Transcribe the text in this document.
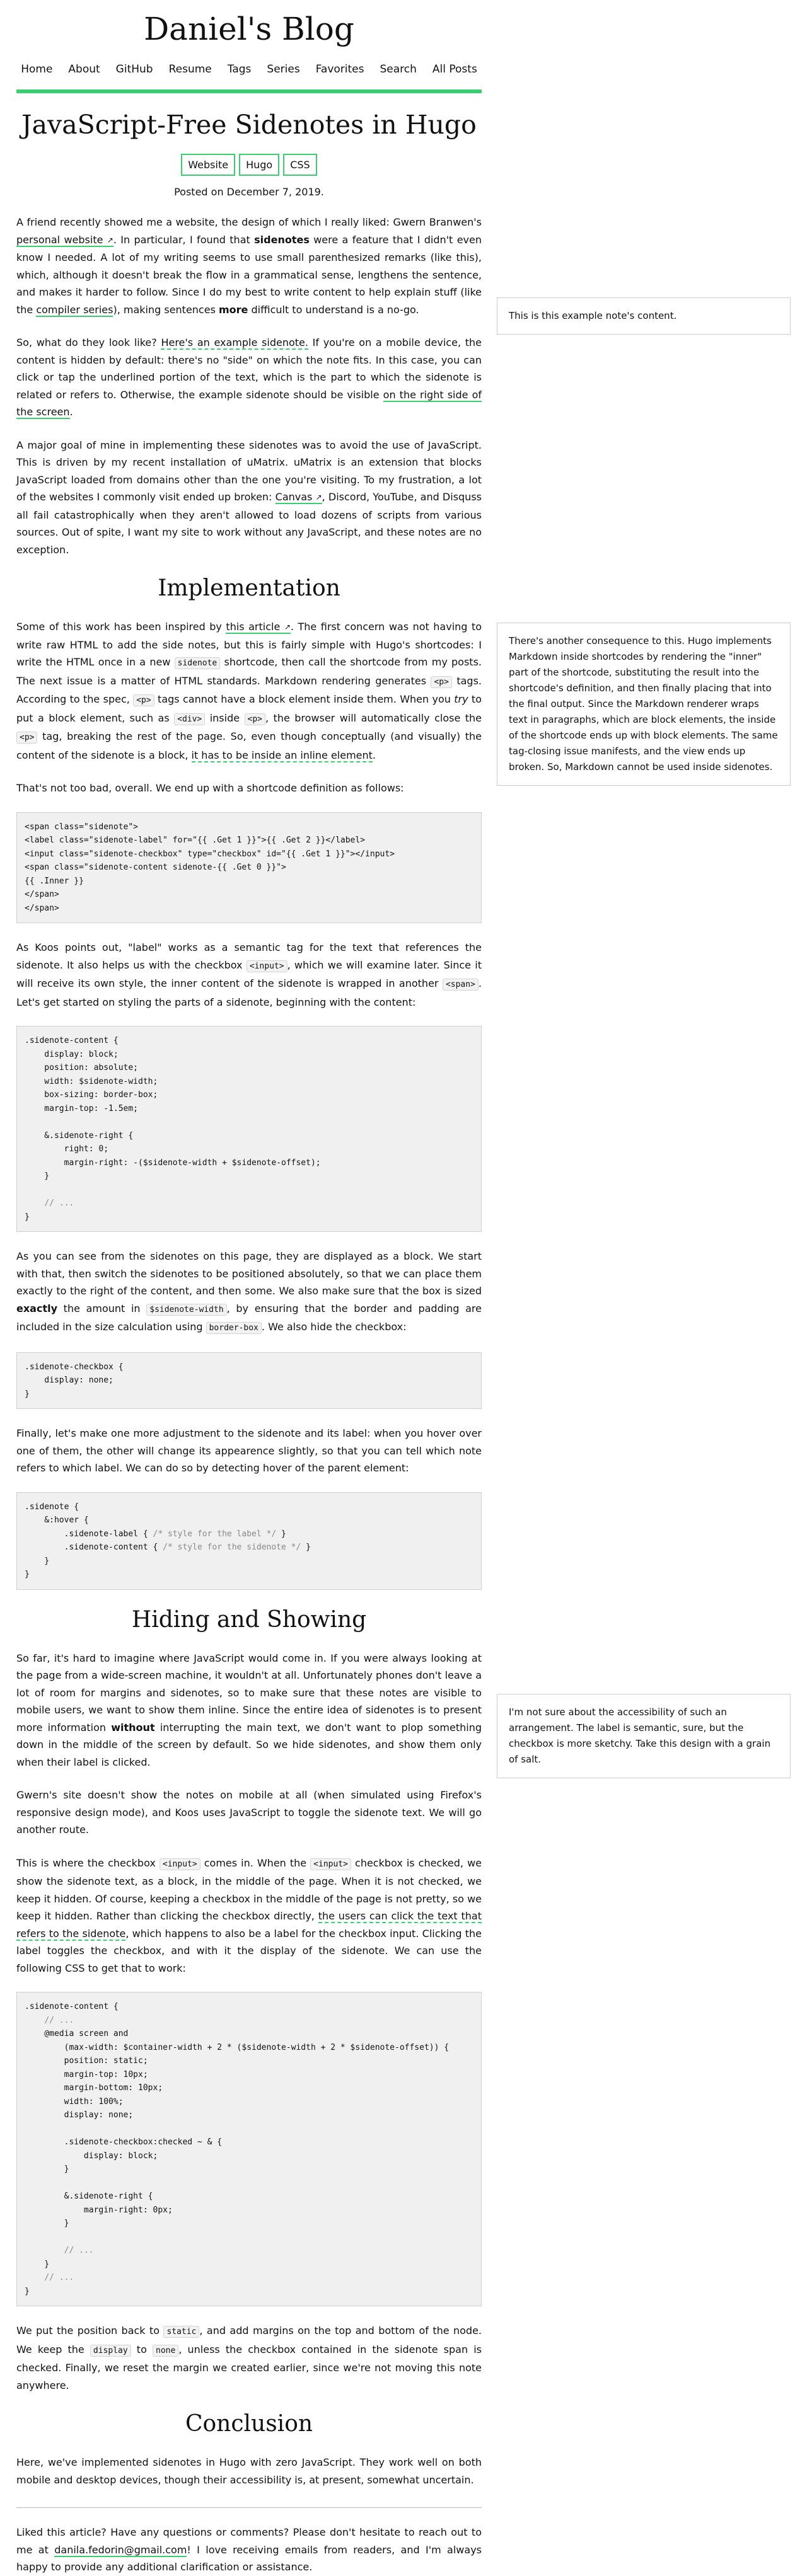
Daniel's Blog
Home About GitHub Resume Tags Series Favorites Search All Posts
JavaScript-Free Sidenotes in Hugo
Website	Hugo	CSS
Posted on December 7, 2019.

A friend recently showed me a website, the design of which I really liked: Gwern Branwen's personal website ↗. In particular, I found that sidenotes were a feature that I didn't even know I needed. A lot of my writing seems to use small parenthesized remarks (like this), which, although it doesn't break the flow in a grammatical sense, lengthens the sentence, and makes it harder to follow. Since I do my best to write content to help explain stuff (like the compiler series), making sentences more difficult to understand is a no-go.

So, what do they look like? Here's an example sidenote. If you're on a mobile device, the content is hidden by default: there's no "side" on which the note fits. In this case, you can click or tap the underlined portion of the text, which is the part to which the sidenote is related or refers to. Otherwise, the example sidenote should be visible on the right side of the screen.

A major goal of mine in implementing these sidenotes was to avoid the use of JavaScript. This is driven by my recent installation of uMatrix. uMatrix is an extension that blocks JavaScript loaded from domains other than the one you're visiting. To my frustration, a lot of the websites I commonly visit ended up broken: Canvas ↗, Discord, YouTube, and Disquss all fail catastrophically when they aren't allowed to load dozens of scripts from various sources. Out of spite, I want my site to work without any JavaScript, and these notes are no exception.

Implementation

Some of this work has been inspired by this article ↗. The first concern was not having to write raw HTML to add the side notes, but this is fairly simple with Hugo's shortcodes: I write the HTML once in a new sidenote shortcode, then call the shortcode from my posts. The next issue is a matter of HTML standards. Markdown rendering generates <p> tags. According to the spec, <p> tags cannot have a block element inside them. When you try to put a block element, such as <div> inside <p> , the browser will automatically close the <p> tag, breaking the rest of the page. So, even though conceptually (and visually) the content of the sidenote is a block, it has to be inside an inline element.

That's not too bad, overall. We end up with a shortcode definition as follows:

<span class="sidenote">
<label class="sidenote-label" for="{{ .Get 1 }}">{{ .Get 2 }}</label>
<input class="sidenote-checkbox" type="checkbox" id="{{ .Get 1 }}"></input>
<span class="sidenote-content sidenote-{{ .Get 0 }}">
{{ .Inner }}
</span>
</span>

As Koos points out, "label" works as a semantic tag for the text that references the sidenote. It also helps us with the checkbox <input> , which we will examine later. Since it will receive its own style, the inner content of the sidenote is wrapped in another <span> . Let's get started on styling the parts of a sidenote, beginning with the content:

.sidenote-content {
display: block;
position: absolute;
width: $sidenote-width;
box-sizing: border-box;
margin-top: -1.5em;

&.sidenote-right {
right: 0;
margin-right: -($sidenote-width + $sidenote-offset);
}

// ...
}

As you can see from the sidenotes on this page, they are displayed as a block. We start with that, then switch the sidenotes to be positioned absolutely, so that we can place them exactly to the right of the content, and then some. We also make sure that the box is sized exactly the amount in $sidenote-width , by ensuring that the border and padding are included in the size calculation using border-box . We also hide the checkbox:

.sidenote-checkbox {
display: none;
}

Finally, let's make one more adjustment to the sidenote and its label: when you hover over one of them, the other will change its appearence slightly, so that you can tell which note refers to which label. We can do so by detecting hover of the parent element:

.sidenote {
&:hover {
.sidenote-label { /* style for the label */ }
.sidenote-content { /* style for the sidenote */ }
}
}
Hiding and Showing

So far, it's hard to imagine where JavaScript would come in. If you were always looking at the page from a wide-screen machine, it wouldn't at all. Unfortunately phones don't leave a lot of room for margins and sidenotes, so to make sure that these notes are visible to mobile users, we want to show them inline. Since the entire idea of sidenotes is to present more information without interrupting the main text, we don't want to plop something down in the middle of the screen by default. So we hide sidenotes, and show them only when their label is clicked.

Gwern's site doesn't show the notes on mobile at all (when simulated using Firefox's responsive design mode), and Koos uses JavaScript to toggle the sidenote text. We will go another route.

This is where the checkbox <input> comes in. When the <input> checkbox is checked, we show the sidenote text, as a block, in the middle of the page. When it is not checked, we keep it hidden. Of course, keeping a checkbox in the middle of the page is not pretty, so we keep it hidden. Rather than clicking the checkbox directly, the users can click the text that refers to the sidenote, which happens to also be a label for the checkbox input. Clicking the label toggles the checkbox, and with it the display of the sidenote. We can use the following CSS to get that to work:

.sidenote-content {
// ...
@media screen and
(max-width: $container-width + 2 * ($sidenote-width + 2 * $sidenote-offset)) {
position: static;
margin-top: 10px;
margin-bottom: 10px;
width: 100%;
display: none;

.sidenote-checkbox:checked ~ & {
display: block;
}

&.sidenote-right {
margin-right: 0px;
}

// ...
}
// ...
}

We put the position back to static , and add margins on the top and bottom of the node. We keep the display to none , unless the checkbox contained in the sidenote span is checked. Finally, we reset the margin we created earlier, since we're not moving this note anywhere.

Conclusion

Here, we've implemented sidenotes in Hugo with zero JavaScript. They work well on both mobile and desktop devices, though their accessibility is, at present, somewhat uncertain.

Liked this article? Have any questions or comments? Please don't hesitate to reach out to me at danila.fedorin@gmail.com! I love receiving emails from readers, and I'm always happy to provide any additional clarification or assistance.

This is this example note's content.
There's another consequence to this. Hugo implements Markdown inside shortcodes by rendering the "inner" part of the shortcode, substituting the result into the shortcode's definition, and then finally placing that into the final output. Since the Markdown renderer wraps text in paragraphs, which are block elements, the inside of the shortcode ends up with block elements. The same tag-closing issue manifests, and the view ends up broken. So, Markdown cannot be used inside sidenotes.
I'm not sure about the accessibility of such an arrangement. The label is semantic, sure, but the checkbox is more sketchy. Take this design with a grain of salt.
